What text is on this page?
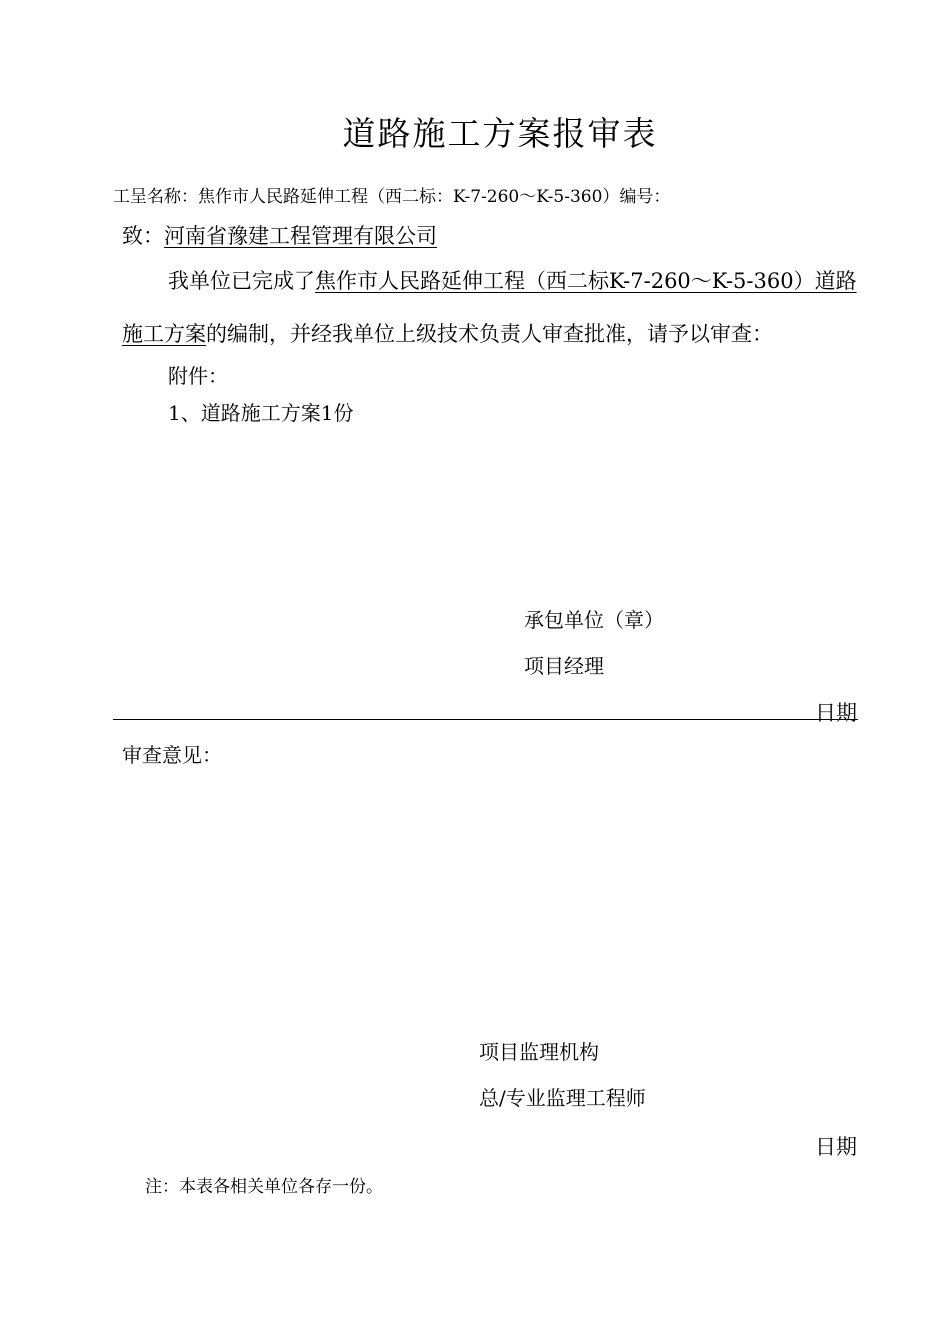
道路施工方案报审表
工呈名称：焦作市人民路延伸工程（西二标：K-7-260〜K-5-360）编号：
致：河南省豫建工程管理有限公司
我单位已完成了焦作市人民路延伸工程（西二标K-7-260〜K-5-360）道路
施工方案的编制，并经我单位上级技术负责人审查批准，请予以审查：
附件：
1、道路施工方案1份
承包单位（章）
项目经理
日期
审查意见：
项目监理机构
总/专业监理工程师
日期
注：本表各相关单位各存一份。
